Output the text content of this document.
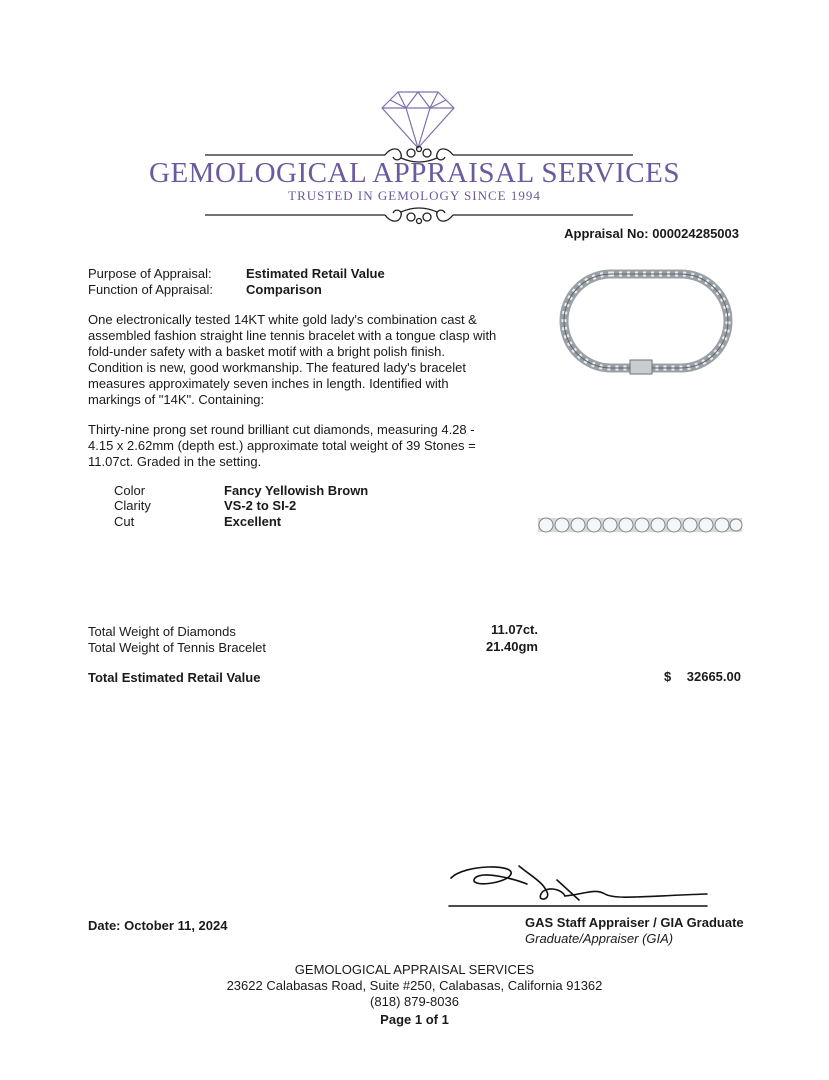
GEMOLOGICAL APPRAISAL SERVICES
TRUSTED IN GEMOLOGY SINCE 1994
Appraisal No: 000024285003
Purpose of Appraisal:	Estimated Retail Value
Function of Appraisal:	Comparison
One electronically tested 14KT white gold lady's combination cast & assembled fashion straight line tennis bracelet with a tongue clasp with fold-under safety with a basket motif with a bright polish finish. Condition is new, good workmanship. The featured lady's bracelet measures approximately seven inches in length. Identified with markings of "14K". Containing:
Thirty-nine prong set round brilliant cut diamonds, measuring 4.28 - 4.15 x 2.62mm (depth est.) approximate total weight of 39 Stones = 11.07ct. Graded in the setting.
Color	Fancy Yellowish Brown
Clarity	VS-2 to SI-2
Cut	Excellent
Total Weight of Diamonds	11.07ct.
Total Weight of Tennis Bracelet	21.40gm
Total Estimated Retail Value	$ 32665.00
Date: October 11, 2024	GAS Staff Appraiser / GIA Graduate
Graduate/Appraiser (GIA)
GEMOLOGICAL APPRAISAL SERVICES
23622 Calabasas Road, Suite #250, Calabasas, California 91362
(818) 879-8036
Page 1 of 1
